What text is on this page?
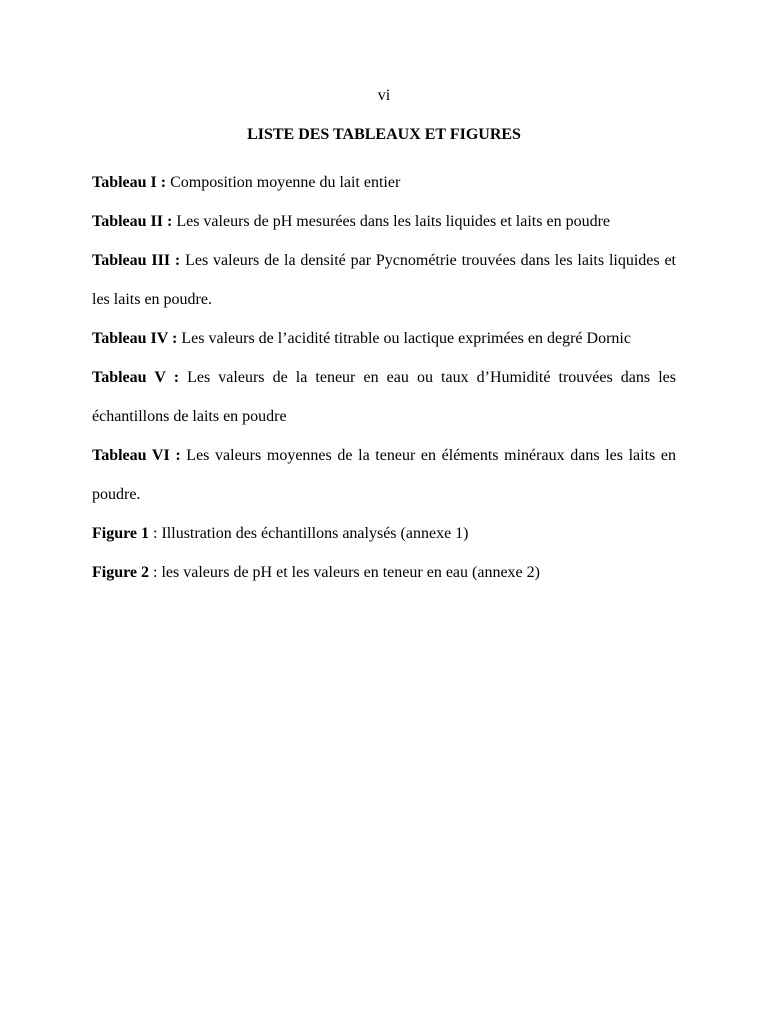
vi
LISTE DES TABLEAUX ET FIGURES

Tableau I : Composition moyenne du lait entier

Tableau II : Les valeurs de pH mesurées dans les laits liquides et laits en poudre

Tableau III : Les valeurs de la densité par Pycnométrie trouvées dans les laits liquides et les laits en poudre.

Tableau IV : Les valeurs de l’acidité titrable ou lactique exprimées en degré Dornic

Tableau V : Les valeurs de la teneur en eau ou taux d’Humidité trouvées dans les échantillons de laits en poudre

Tableau VI : Les valeurs moyennes de la teneur en éléments minéraux dans les laits en poudre.

Figure 1 : Illustration des échantillons analysés (annexe 1)

Figure 2 : les valeurs de pH et les valeurs en teneur en eau (annexe 2)
